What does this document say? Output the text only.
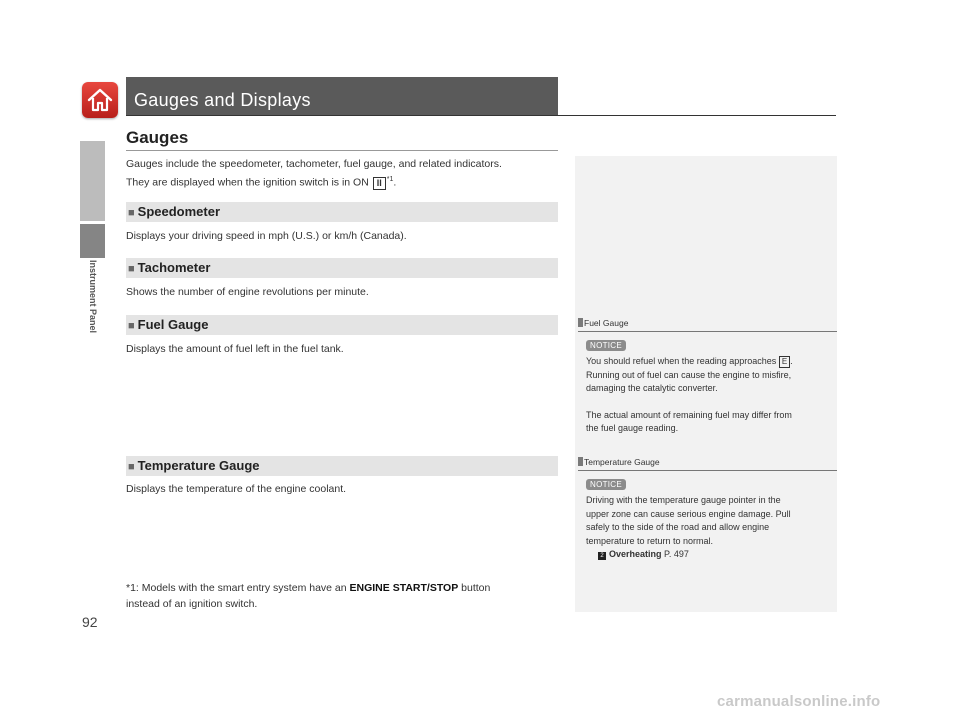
Instrument Panel
Gauges and Displays
Gauges
Gauges include the speedometer, tachometer, fuel gauge, and related indicators.
They are displayed when the ignition switch is in ON II $^{*1}$.
■ Speedometer
Displays your driving speed in mph (U.S.) or km/h (Canada).
■ Tachometer
Shows the number of engine revolutions per minute.
■ Fuel Gauge
Displays the amount of fuel left in the fuel tank.
■ Temperature Gauge
Displays the temperature of the engine coolant.
*1: Models with the smart entry system have an ENGINE START/STOP button
instead of an ignition switch.
Fuel Gauge
NOTICE

You should refuel when the reading approaches E .
Running out of fuel can cause the engine to misfire,
damaging the catalytic converter.

The actual amount of remaining fuel may differ from
the fuel gauge reading.

Temperature Gauge
NOTICE

Driving with the temperature gauge pointer in the
upper zone can cause serious engine damage. Pull
safely to the side of the road and allow engine
temperature to return to normal.
2 Overheating P. 497

92
carmanualsonline.info
